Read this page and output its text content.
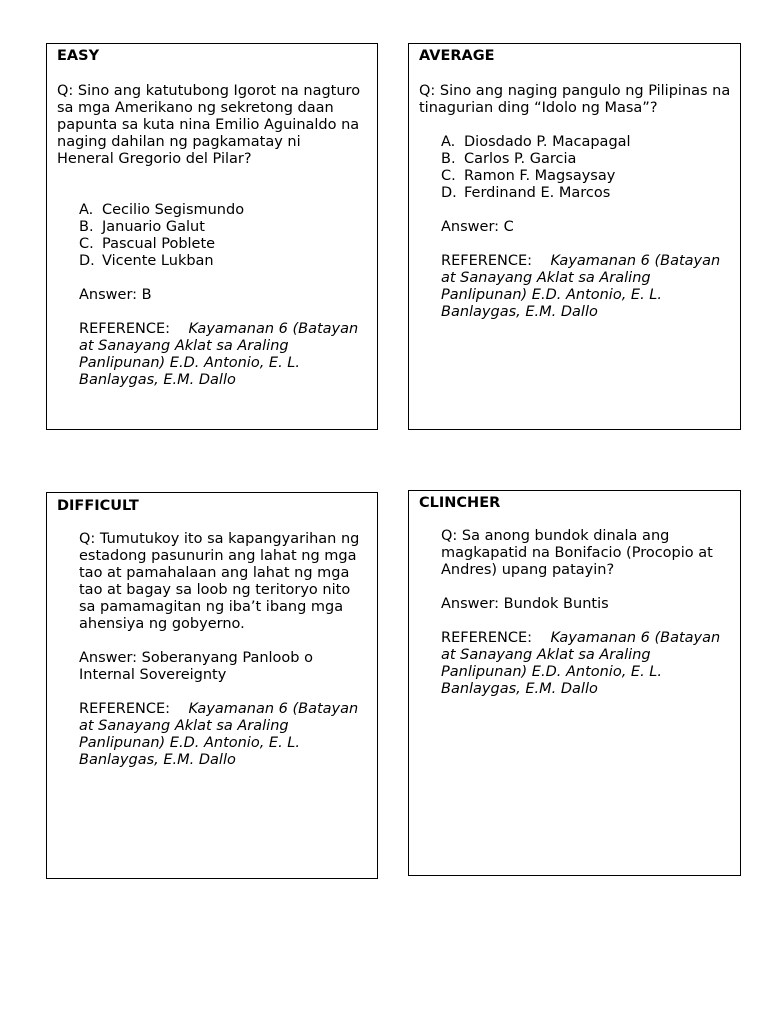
EASY

Q: Sino ang katutubong Igorot na nagturo sa mga Amerikano ng sekretong daan papunta sa kuta nina Emilio Aguinaldo na naging dahilan ng pagkamatay ni Heneral Gregorio del Pilar?

A. Cecilio Segismundo
B. Januario Galut
C. Pascual Poblete
D. Vicente Lukban

Answer: B

REFERENCE: Kayamanan 6 (Batayan at Sanayang Aklat sa Araling Panlipunan) E.D. Antonio, E. L. Banlaygas, E.M. Dallo

AVERAGE

Q: Sino ang naging pangulo ng Pilipinas na tinagurian ding “Idolo ng Masa”?

A. Diosdado P. Macapagal
B. Carlos P. Garcia
C. Ramon F. Magsaysay
D. Ferdinand E. Marcos

Answer: C

REFERENCE: Kayamanan 6 (Batayan at Sanayang Aklat sa Araling Panlipunan) E.D. Antonio, E. L. Banlaygas, E.M. Dallo

DIFFICULT

Q: Tumutukoy ito sa kapangyarihan ng estadong pasunurin ang lahat ng mga tao at pamahalaan ang lahat ng mga tao at bagay sa loob ng teritoryo nito sa pamamagitan ng iba’t ibang mga ahensiya ng gobyerno.

Answer: Soberanyang Panloob o Internal Sovereignty

REFERENCE: Kayamanan 6 (Batayan at Sanayang Aklat sa Araling Panlipunan) E.D. Antonio, E. L. Banlaygas, E.M. Dallo

CLINCHER

Q: Sa anong bundok dinala ang magkapatid na Bonifacio (Procopio at Andres) upang patayin?

Answer: Bundok Buntis

REFERENCE: Kayamanan 6 (Batayan at Sanayang Aklat sa Araling Panlipunan) E.D. Antonio, E. L. Banlaygas, E.M. Dallo
